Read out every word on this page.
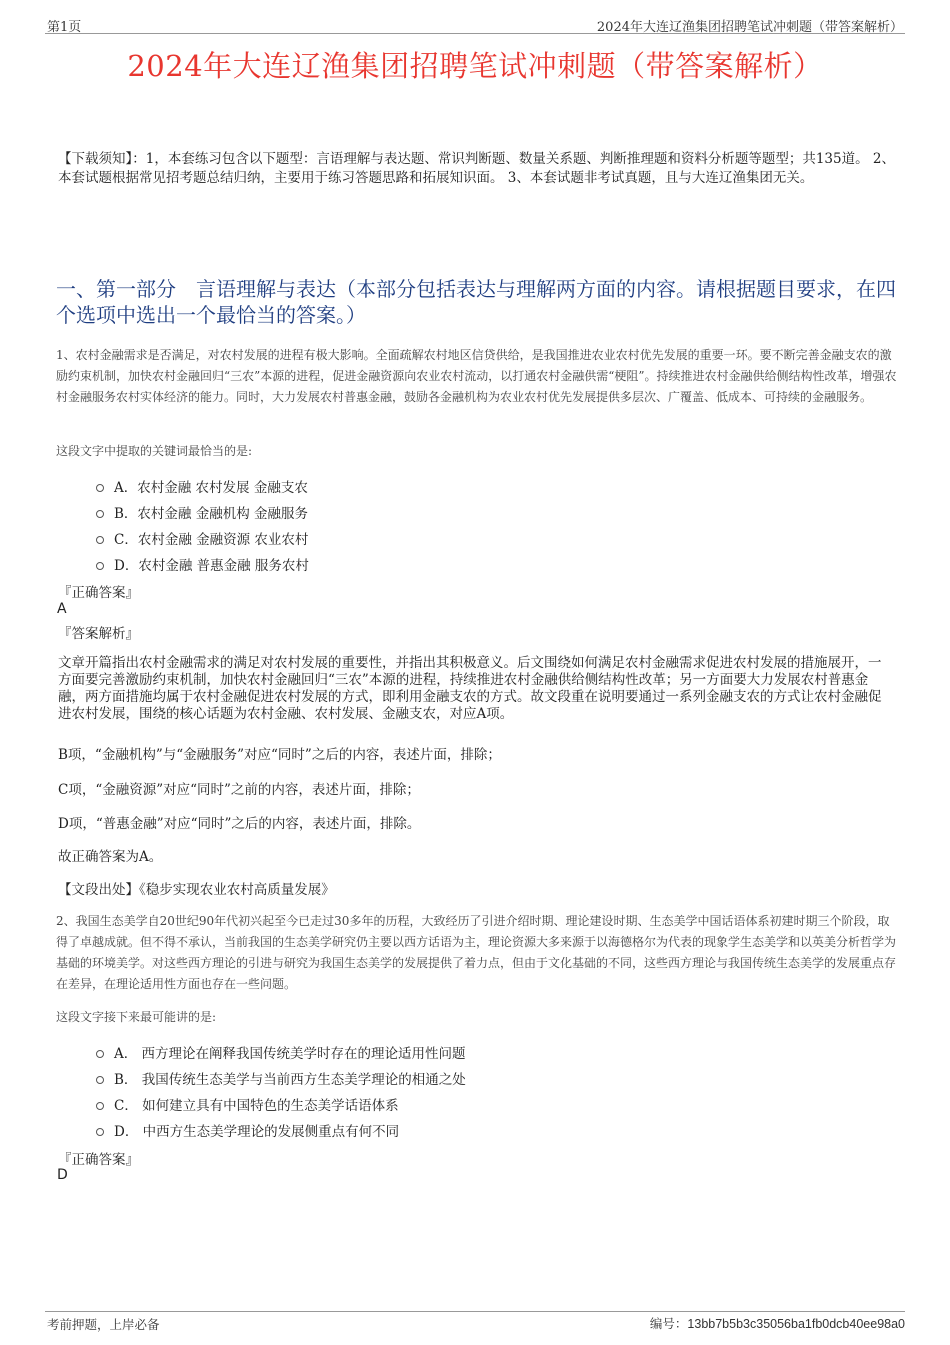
第1页	2024年大连辽渔集团招聘笔试冲刺题（带答案解析）
2024年大连辽渔集团招聘笔试冲刺题（带答案解析）
【下载须知】：1，本套练习包含以下题型：言语理解与表达题、常识判断题、数量关系题、判断推理题和资料分析题等题型；共135道。 2、本套试题根据常见招考题总结归纳，主要用于练习答题思路和拓展知识面。 3、本套试题非考试真题，且与大连辽渔集团无关。
一、第一部分 言语理解与表达（本部分包括表达与理解两方面的内容。请根据题目要求，在四个选项中选出一个最恰当的答案。）
1、农村金融需求是否满足，对农村发展的进程有极大影响。全面疏解农村地区信贷供给，是我国推进农业农村优先发展的重要一环。要不断完善金融支农的激励约束机制，加快农村金融回归“三农”本源的进程，促进金融资源向农业农村流动，以打通农村金融供需“梗阻”。持续推进农村金融供给侧结构性改革，增强农村金融服务农村实体经济的能力。同时，大力发展农村普惠金融，鼓励各金融机构为农业农村优先发展提供多层次、广覆盖、低成本、可持续的金融服务。
这段文字中提取的关键词最恰当的是:
A．农村金融 农村发展 金融支农
B．农村金融 金融机构 金融服务
C．农村金融 金融资源 农业农村
D．农村金融 普惠金融 服务农村
『正确答案』
A
『答案解析』
文章开篇指出农村金融需求的满足对农村发展的重要性，并指出其积极意义。后文围绕如何满足农村金融需求促进农村发展的措施展开，一方面要完善激励约束机制，加快农村金融回归“三农”本源的进程，持续推进农村金融供给侧结构性改革；另一方面要大力发展农村普惠金融，两方面措施均属于农村金融促进农村发展的方式，即利用金融支农的方式。故文段重在说明要通过一系列金融支农的方式让农村金融促进农村发展，围绕的核心话题为农村金融、农村发展、金融支农，对应A项。
B项，“金融机构”与“金融服务”对应“同时”之后的内容，表述片面，排除；
C项，“金融资源”对应“同时”之前的内容，表述片面，排除；
D项，“普惠金融”对应“同时”之后的内容，表述片面，排除。
故正确答案为A。
【文段出处】《稳步实现农业农村高质量发展》
2、我国生态美学自20世纪90年代初兴起至今已走过30多年的历程，大致经历了引进介绍时期、理论建设时期、生态美学中国话语体系初建时期三个阶段，取得了卓越成就。但不得不承认，当前我国的生态美学研究仍主要以西方话语为主，理论资源大多来源于以海德格尔为代表的现象学生态美学和以英美分析哲学为基础的环境美学。对这些西方理论的引进与研究为我国生态美学的发展提供了着力点，但由于文化基础的不同，这些西方理论与我国传统生态美学的发展重点存在差异，在理论适用性方面也存在一些问题。
这段文字接下来最可能讲的是:
A． 西方理论在阐释我国传统美学时存在的理论适用性问题
B． 我国传统生态美学与当前西方生态美学理论的相通之处
C． 如何建立具有中国特色的生态美学话语体系
D． 中西方生态美学理论的发展侧重点有何不同
『正确答案』
D
考前押题，上岸必备	编号：13bb7b5b3c35056ba1fb0dcb40ee98a0
